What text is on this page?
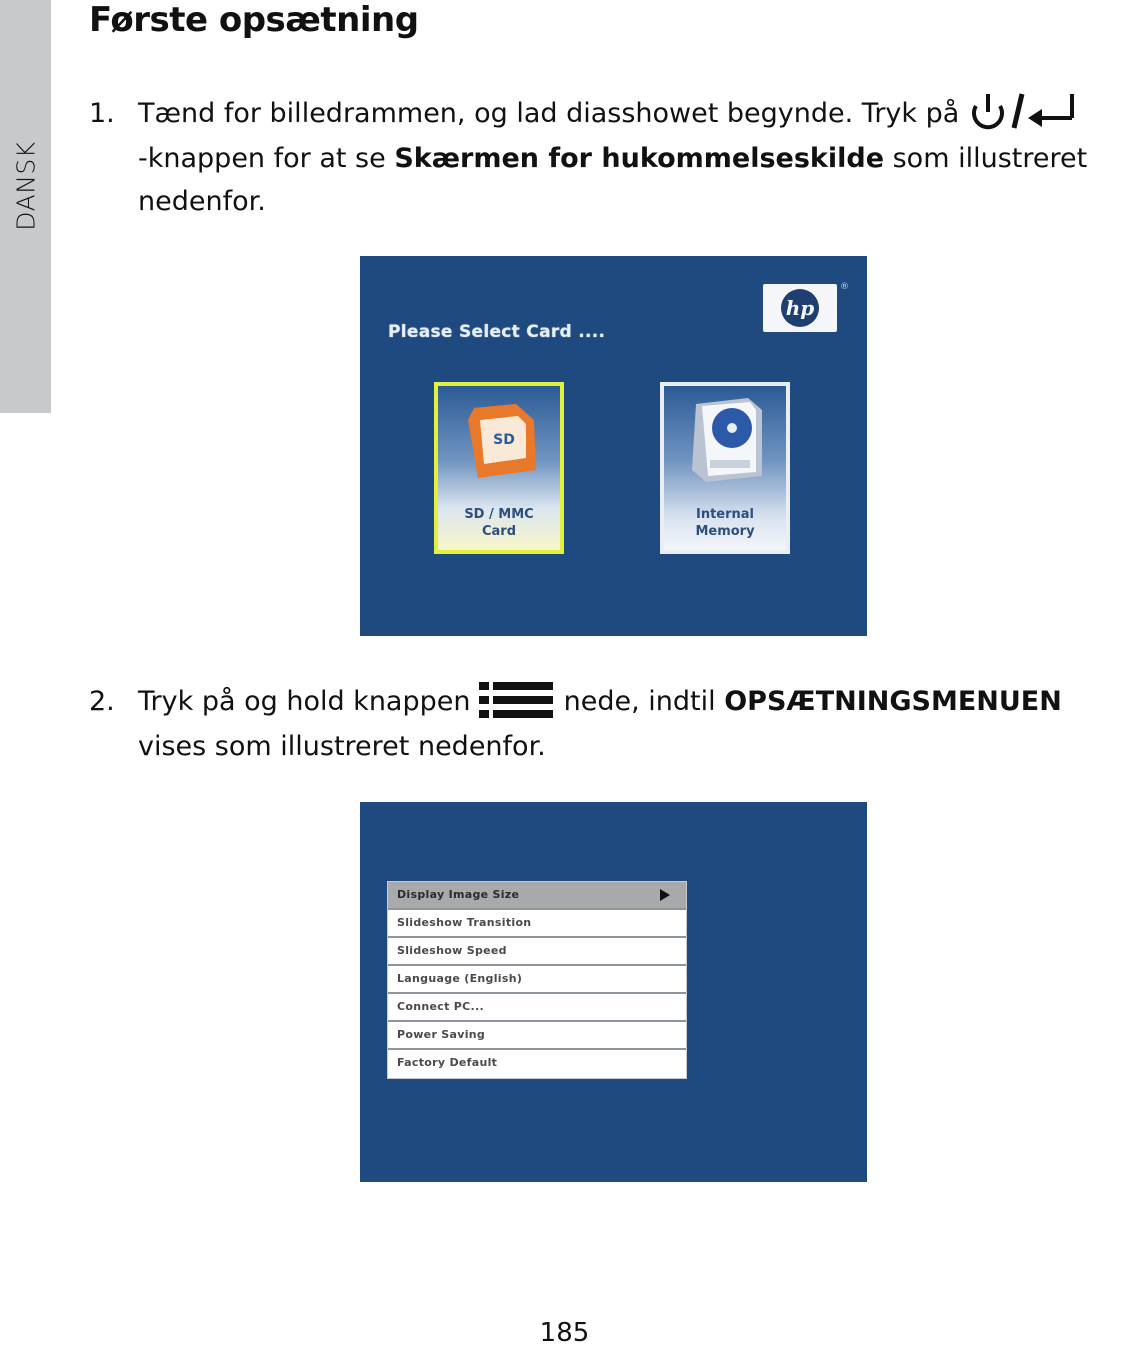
DANSK
Første opsætning
1. Tænd for billedrammen, og lad diasshowet begynde. Tryk på
-knappen for at se Skærmen for hukommelseskilde som illustreret nedenfor.
Please Select Card ....
hp
®
SD
SD / MMC
Card
Internal
Memory
2. Tryk på og hold knappen	nede, indtil OPSÆTNINGSMENUEN
vises som illustreret nedenfor.
Display Image Size
Slideshow Transition
Slideshow Speed
Language (English)
Connect PC...
Power Saving
Factory Default
185
